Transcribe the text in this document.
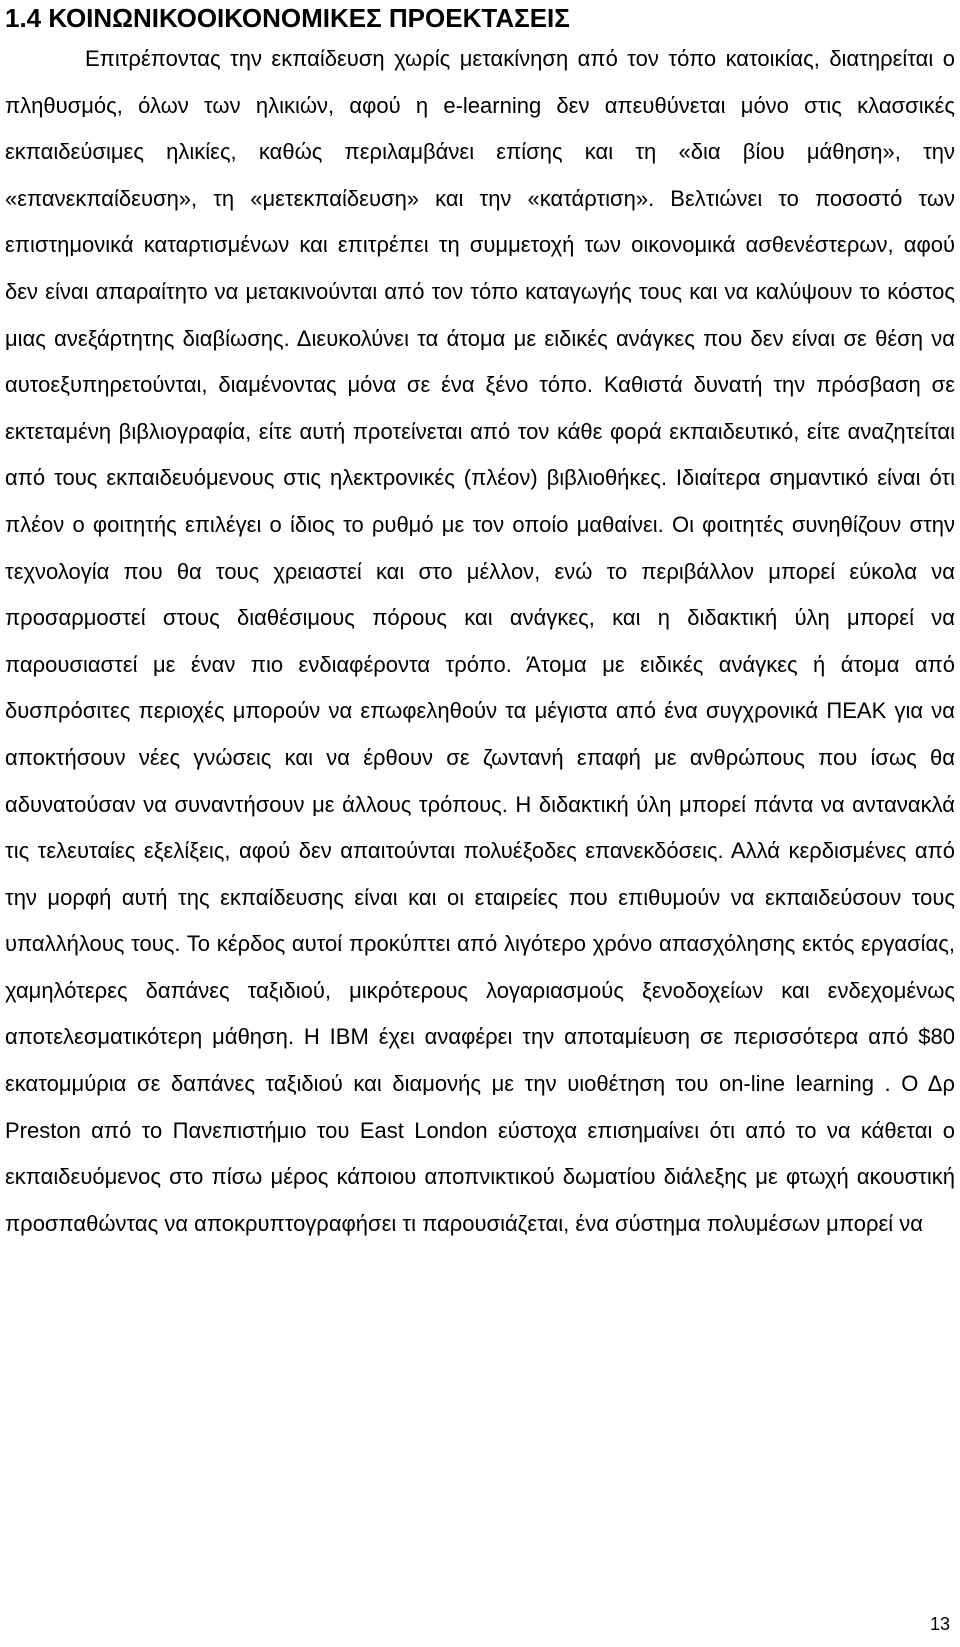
1.4 ΚΟΙΝΩΝΙΚΟΟΙΚΟΝΟΜΙΚΕΣ ΠΡΟΕΚΤΑΣΕΙΣ

Επιτρέποντας την εκπαίδευση χωρίς μετακίνηση από τον τόπο κατοικίας, διατηρείται ο πληθυσμός, όλων των ηλικιών, αφού η e-learning δεν απευθύνεται μόνο στις κλασσικές εκπαιδεύσιμες ηλικίες, καθώς περιλαμβάνει επίσης και τη «δια βίου μάθηση», την «επανεκπαίδευση», τη «μετεκπαίδευση» και την «κατάρτιση». Βελτιώνει το ποσοστό των επιστημονικά καταρτισμένων και επιτρέπει τη συμμετοχή των οικονομικά ασθενέστερων, αφού δεν είναι απαραίτητο να μετακινούνται από τον τόπο καταγωγής τους και να καλύψουν το κόστος μιας ανεξάρτητης διαβίωσης. Διευκολύνει τα άτομα με ειδικές ανάγκες που δεν είναι σε θέση να αυτοεξυπηρετούνται, διαμένοντας μόνα σε ένα ξένο τόπο. Καθιστά δυνατή την πρόσβαση σε εκτεταμένη βιβλιογραφία, είτε αυτή προτείνεται από τον κάθε φορά εκπαιδευτικό, είτε αναζητείται από τους εκπαιδευόμενους στις ηλεκτρονικές (πλέον) βιβλιοθήκες. Ιδιαίτερα σημαντικό είναι ότι πλέον ο φοιτητής επιλέγει ο ίδιος το ρυθμό με τον οποίο μαθαίνει. Οι φοιτητές συνηθίζουν στην τεχνολογία που θα τους χρειαστεί και στο μέλλον, ενώ το περιβάλλον μπορεί εύκολα να προσαρμοστεί στους διαθέσιμους πόρους και ανάγκες, και η διδακτική ύλη μπορεί να παρουσιαστεί με έναν πιο ενδιαφέροντα τρόπο. Άτομα με ειδικές ανάγκες ή άτομα από δυσπρόσιτες περιοχές μπορούν να επωφεληθούν τα μέγιστα από ένα συγχρονικά ΠΕΑΚ για να αποκτήσουν νέες γνώσεις και να έρθουν σε ζωντανή επαφή με ανθρώπους που ίσως θα αδυνατούσαν να συναντήσουν με άλλους τρόπους. Η διδακτική ύλη μπορεί πάντα να αντανακλά τις τελευταίες εξελίξεις, αφού δεν απαιτούνται πολυέξοδες επανεκδόσεις. Αλλά κερδισμένες από την μορφή αυτή της εκπαίδευσης είναι και οι εταιρείες που επιθυμούν να εκπαιδεύσουν τους υπαλλήλους τους. Το κέρδος αυτοί προκύπτει από λιγότερο χρόνο απασχόλησης εκτός εργασίας, χαμηλότερες δαπάνες ταξιδιού, μικρότερους λογαριασμούς ξενοδοχείων και ενδεχομένως αποτελεσματικότερη μάθηση. Η IBM έχει αναφέρει την αποταμίευση σε περισσότερα από $80 εκατομμύρια σε δαπάνες ταξιδιού και διαμονής με την υιοθέτηση του on-line learning . Ο Δρ Preston από το Πανεπιστήμιο του East London εύστοχα επισημαίνει ότι από το να κάθεται ο εκπαιδευόμενος στο πίσω μέρος κάποιου αποπνικτικού δωματίου διάλεξης με φτωχή ακουστική προσπαθώντας να αποκρυπτογραφήσει τι παρουσιάζεται, ένα σύστημα πολυμέσων μπορεί να

13
